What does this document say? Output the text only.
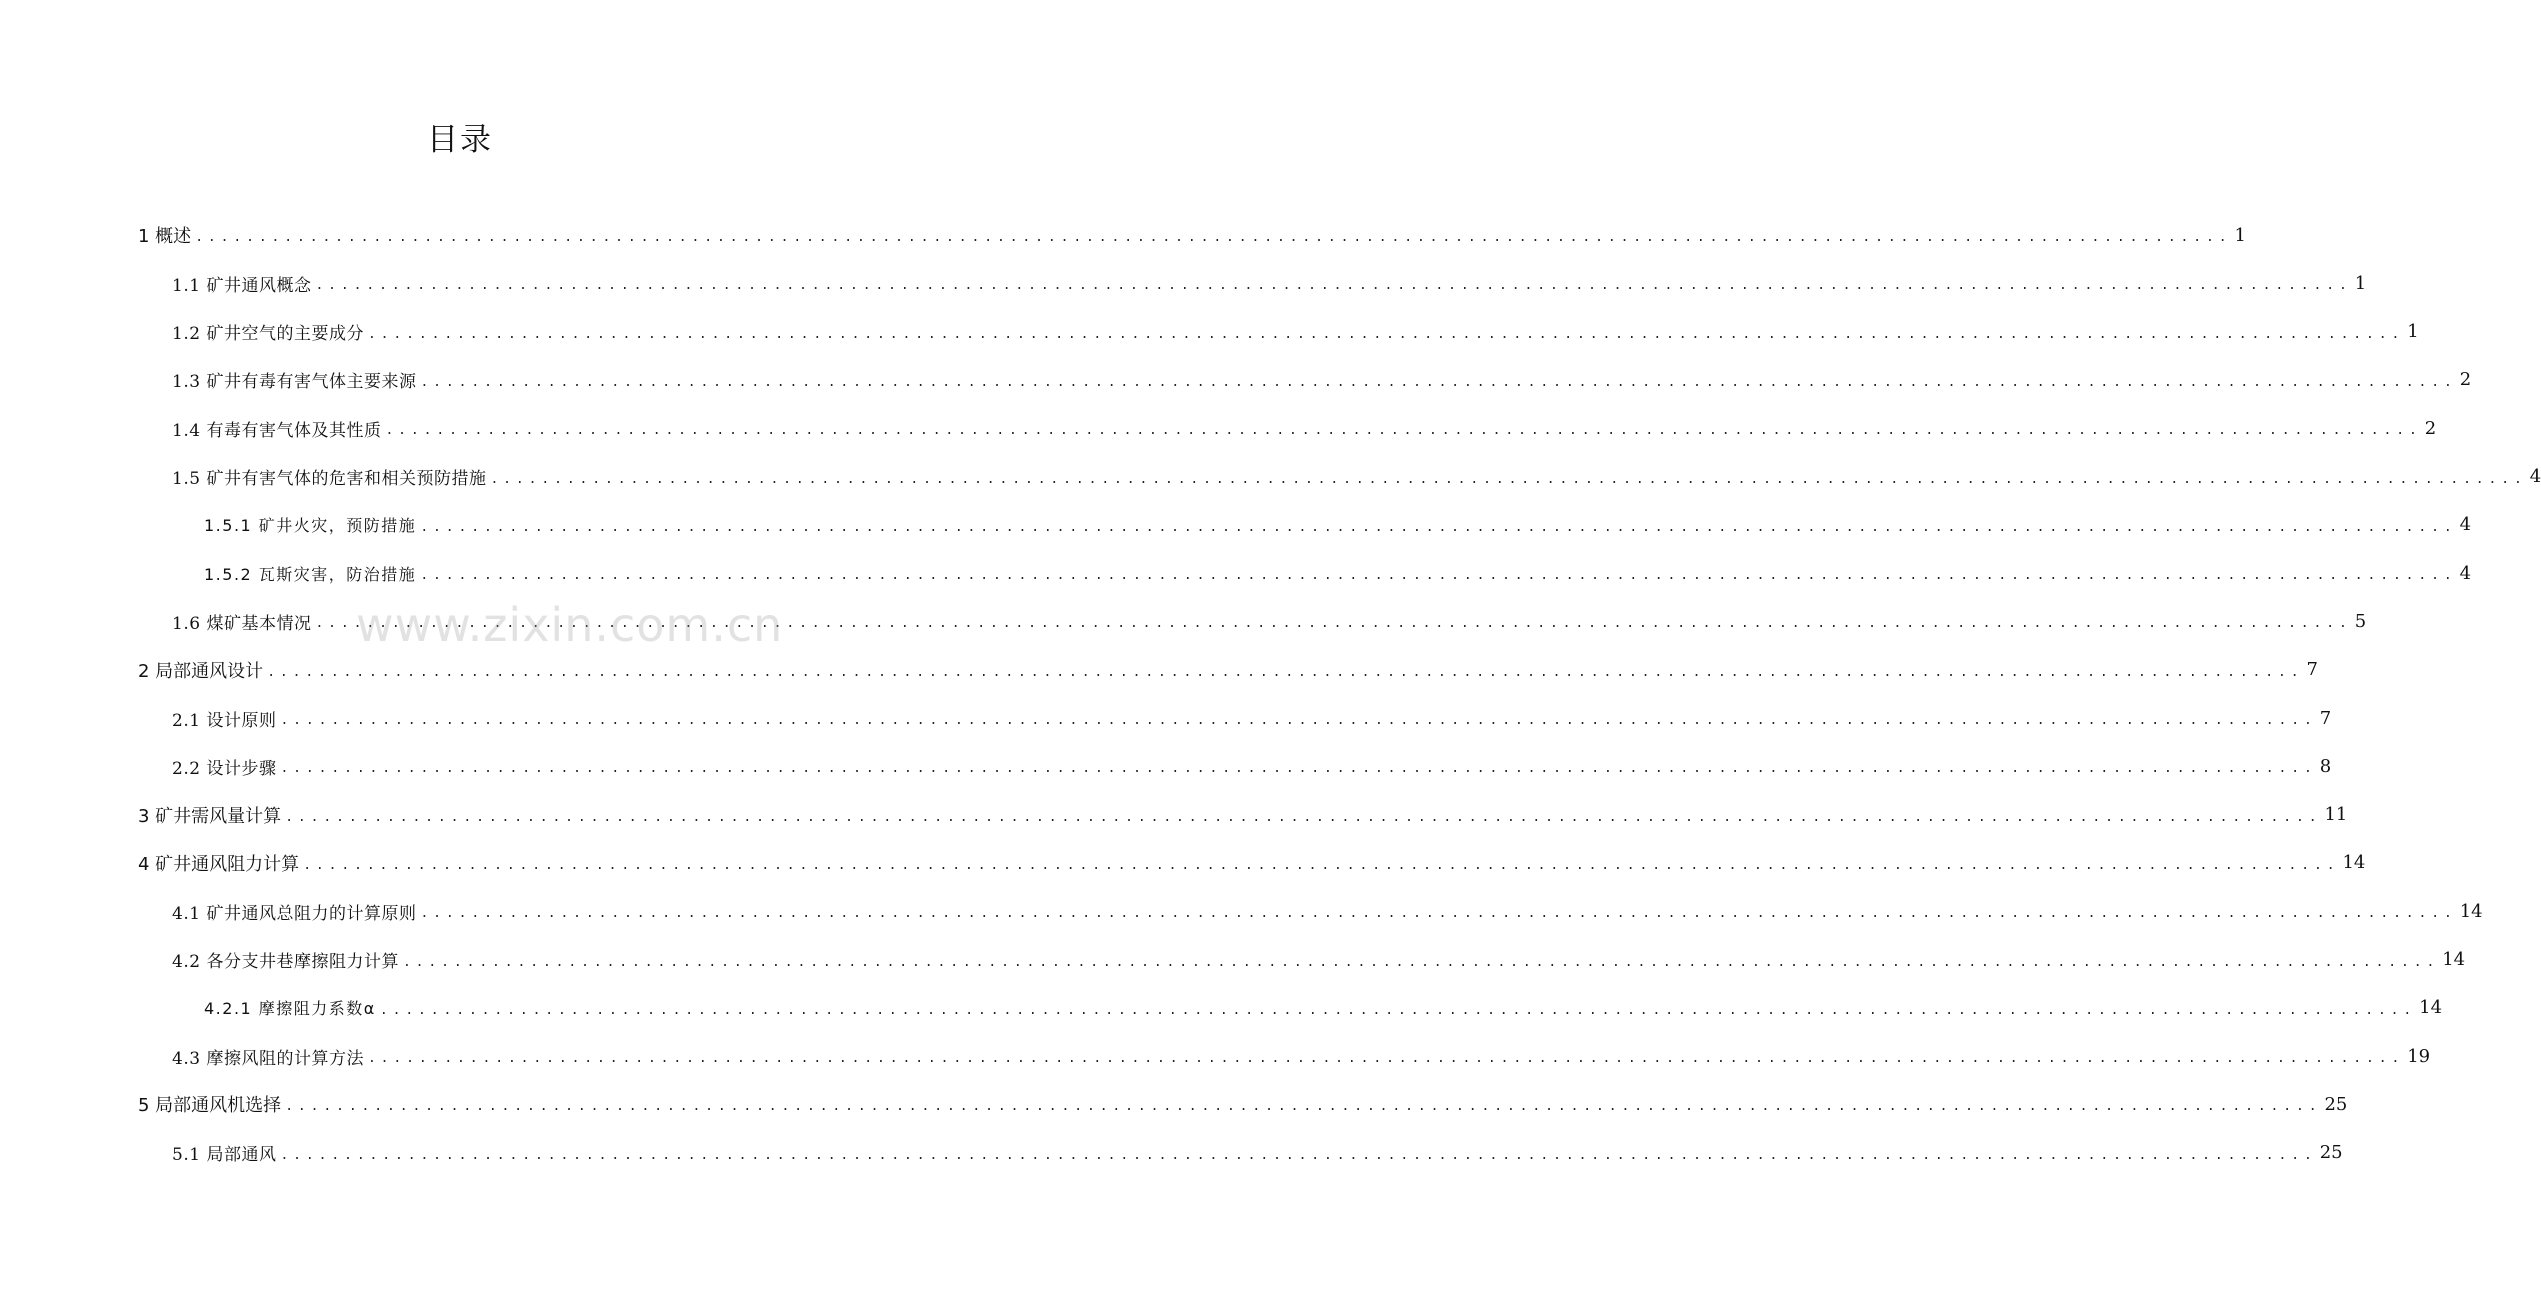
目录
1 概述 ................................................................................................................................................................ 1
1.1 矿井通风概念 ................................................................................................................................................................ 1
1.2 矿井空气的主要成分 ................................................................................................................................................................ 1
1.3 矿井有毒有害气体主要来源 ................................................................................................................................................................ 2
1.4 有毒有害气体及其性质 ................................................................................................................................................................ 2
1.5 矿井有害气体的危害和相关预防措施 ................................................................................................................................................................ 4
1.5.1 矿井火灾，预防措施 ................................................................................................................................................................ 4
1.5.2 瓦斯灾害，防治措施 ................................................................................................................................................................ 4
1.6 煤矿基本情况 ................................................................................................................................................................ 5
2 局部通风设计 ................................................................................................................................................................ 7
2.1 设计原则 ................................................................................................................................................................ 7
2.2 设计步骤 ................................................................................................................................................................ 8
3 矿井需风量计算 ................................................................................................................................................................ 11
4 矿井通风阻力计算 ................................................................................................................................................................ 14
4.1 矿井通风总阻力的计算原则 ................................................................................................................................................................ 14
4.2 各分支井巷摩擦阻力计算 ................................................................................................................................................................ 14
4.2.1 摩擦阻力系数α ................................................................................................................................................................ 14
4.3 摩擦风阻的计算方法 ................................................................................................................................................................ 19
5 局部通风机选择 ................................................................................................................................................................ 25
5.1 局部通风 ................................................................................................................................................................ 25
www.zixin.com.cn
